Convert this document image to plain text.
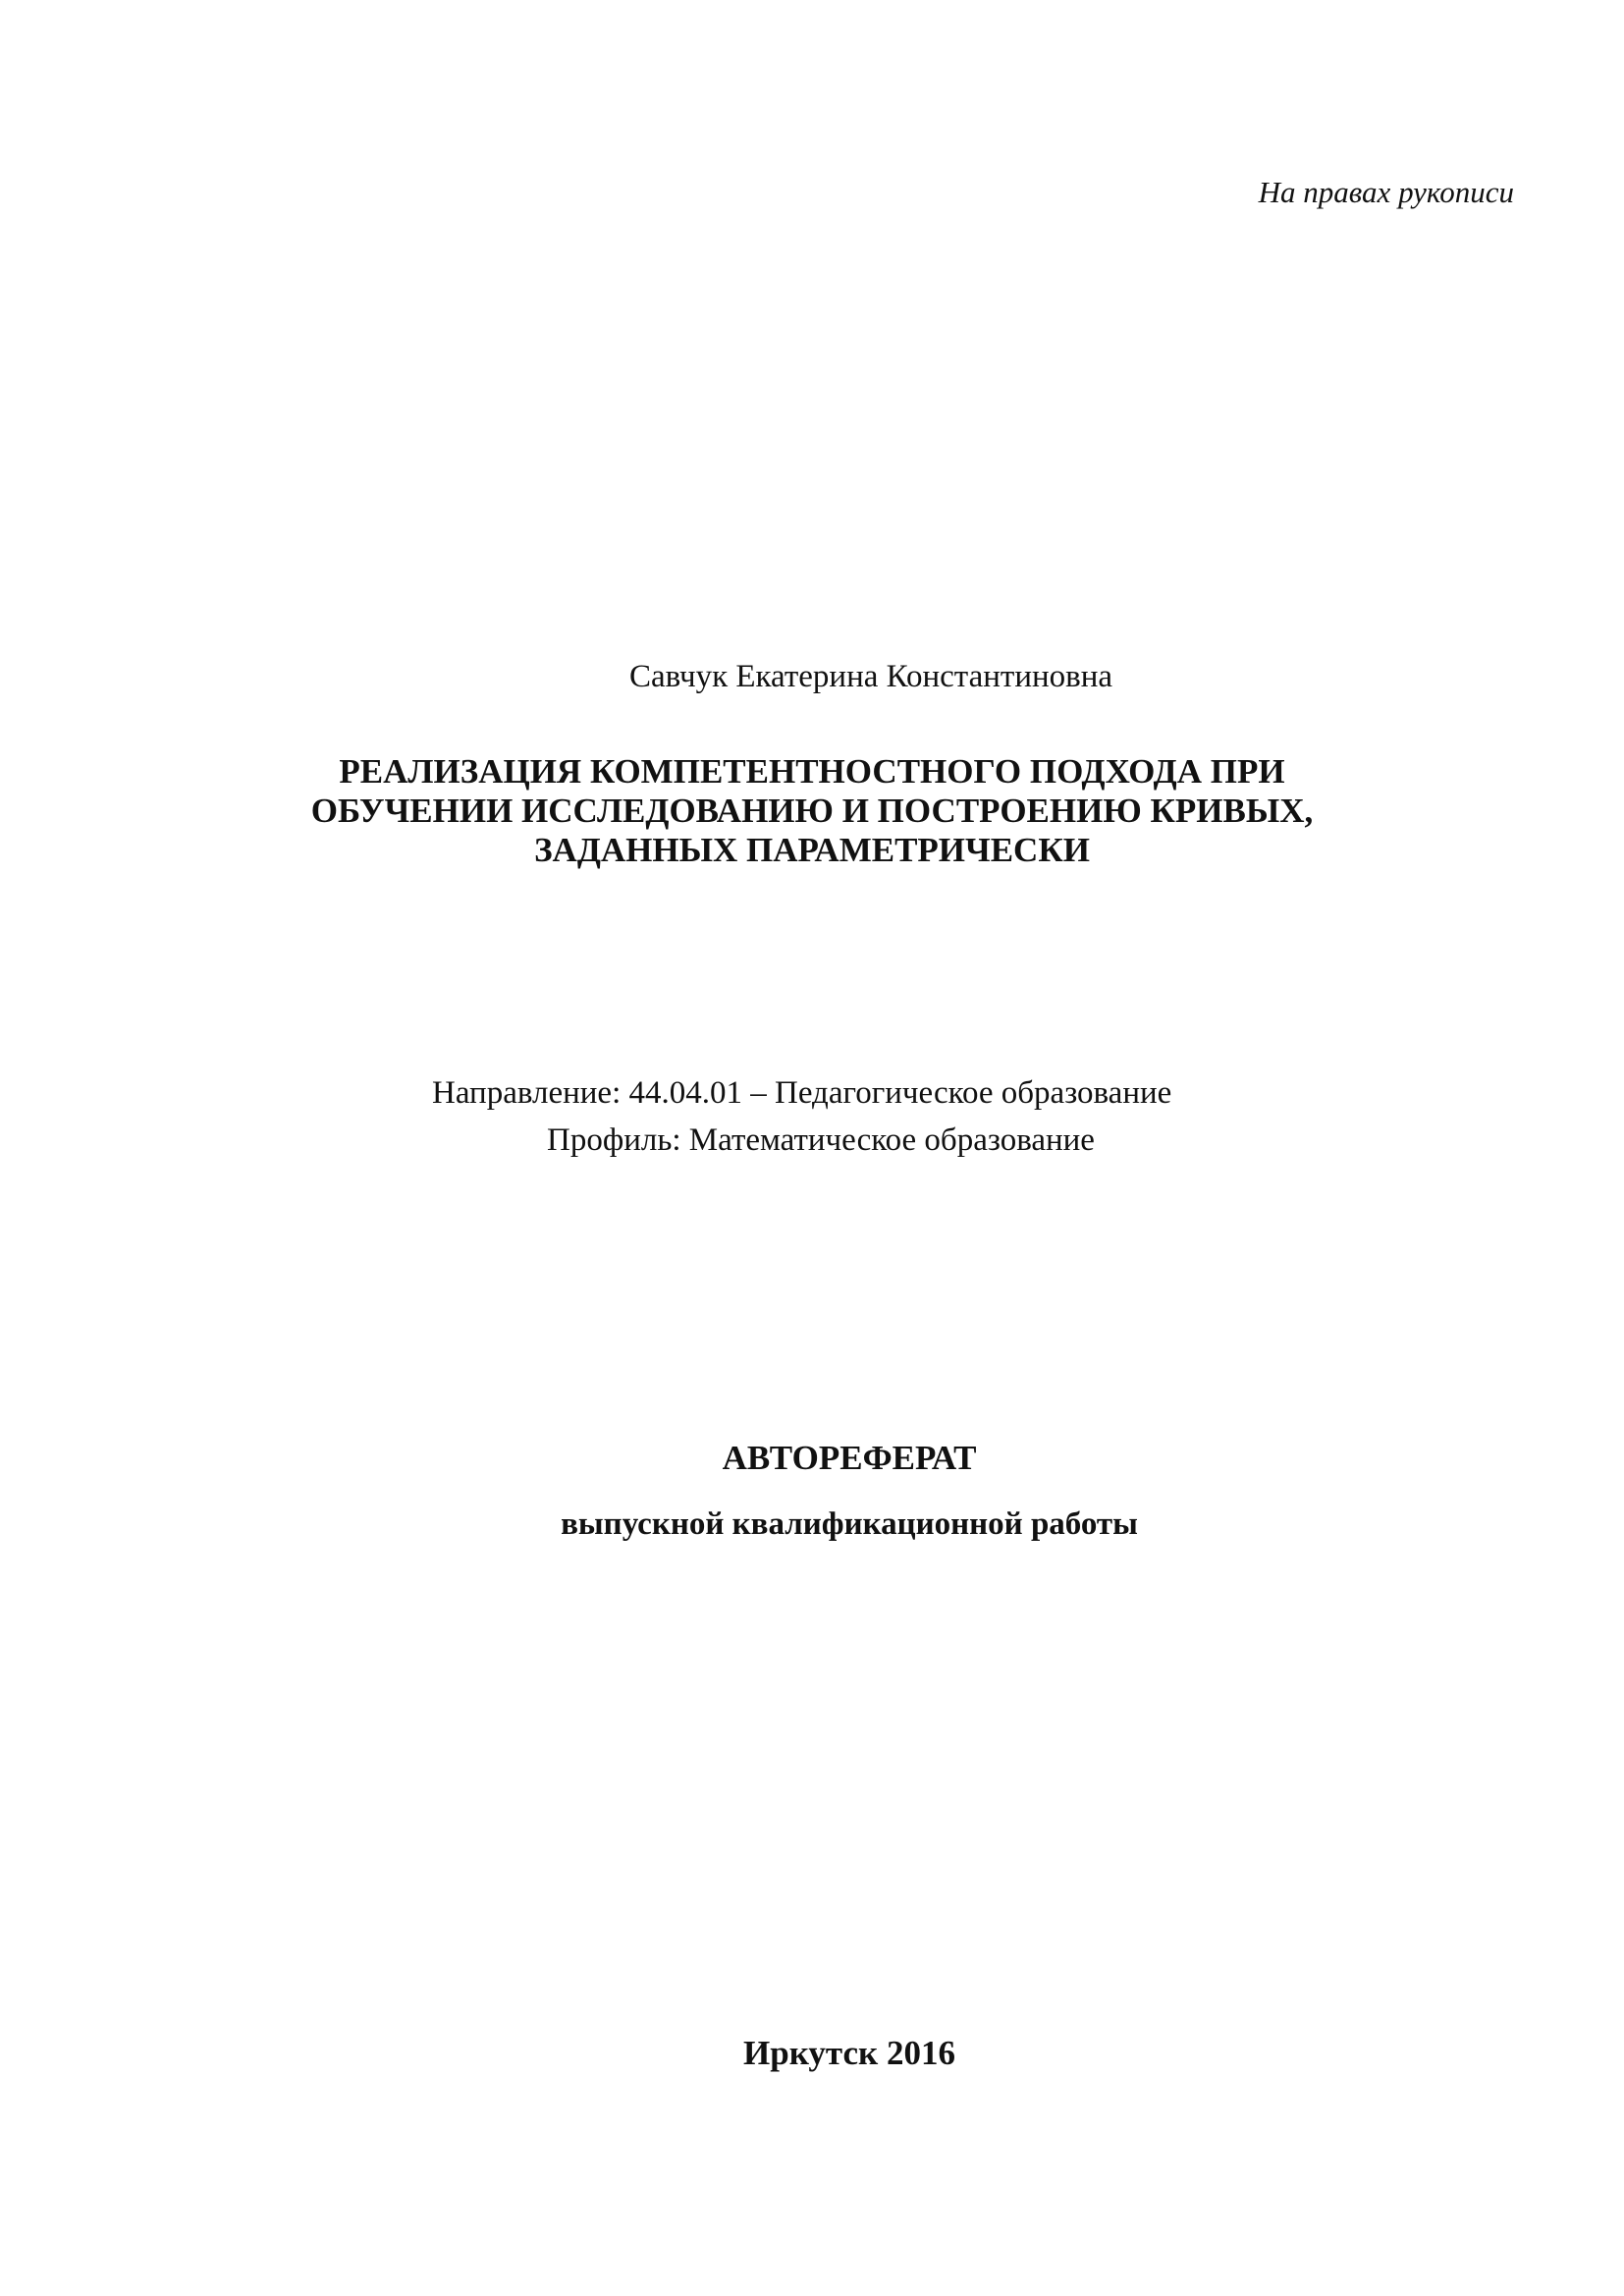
На правах рукописи
Савчук Екатерина Константиновна
РЕАЛИЗАЦИЯ КОМПЕТЕНТНОСТНОГО ПОДХОДА ПРИ
ОБУЧЕНИИ ИССЛЕДОВАНИЮ И ПОСТРОЕНИЮ КРИВЫХ,
ЗАДАННЫХ ПАРАМЕТРИЧЕСКИ
Направление: 44.04.01 – Педагогическое образование
Профиль: Математическое образование
АВТОРЕФЕРАТ
выпускной квалификационной работы
Иркутск 2016
